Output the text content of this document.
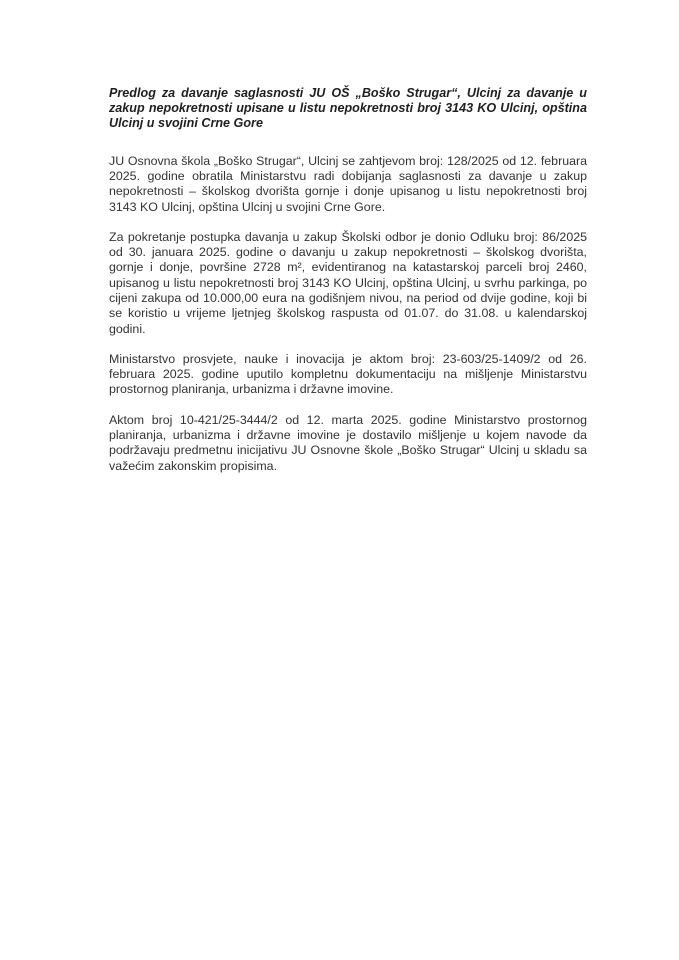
Predlog za davanje saglasnosti JU OŠ „Boško Strugar“, Ulcinj za davanje u zakup nepokretnosti upisane u listu nepokretnosti broj 3143 KO Ulcinj, opština Ulcinj u svojini Crne Gore

JU Osnovna škola „Boško Strugar“, Ulcinj se zahtjevom broj: 128/2025 od 12. februara 2025. godine obratila Ministarstvu radi dobijanja saglasnosti za davanje u zakup nepokretnosti – školskog dvorišta gornje i donje upisanog u listu nepokretnosti broj 3143 KO Ulcinj, opština Ulcinj u svojini Crne Gore.

Za pokretanje postupka davanja u zakup Školski odbor je donio Odluku broj: 86/2025 od 30. januara 2025. godine o davanju u zakup nepokretnosti – školskog dvorišta, gornje i donje, površine 2728 m², evidentiranog na katastarskoj parceli broj 2460, upisanog u listu nepokretnosti broj 3143 KO Ulcinj, opština Ulcinj, u svrhu parkinga, po cijeni zakupa od 10.000,00 eura na godišnjem nivou, na period od dvije godine, koji bi se koristio u vrijeme ljetnjeg školskog raspusta od 01.07. do 31.08. u kalendarskoj godini.

Ministarstvo prosvjete, nauke i inovacija je aktom broj: 23-603/25-1409/2 od 26. februara 2025. godine uputilo kompletnu dokumentaciju na mišljenje Ministarstvu prostornog planiranja, urbanizma i državne imovine.

Aktom broj 10-421/25-3444/2 od 12. marta 2025. godine Ministarstvo prostornog planiranja, urbanizma i državne imovine je dostavilo mišljenje u kojem navode da podržavaju predmetnu inicijativu JU Osnovne škole „Boško Strugar“ Ulcinj u skladu sa važećim zakonskim propisima.
